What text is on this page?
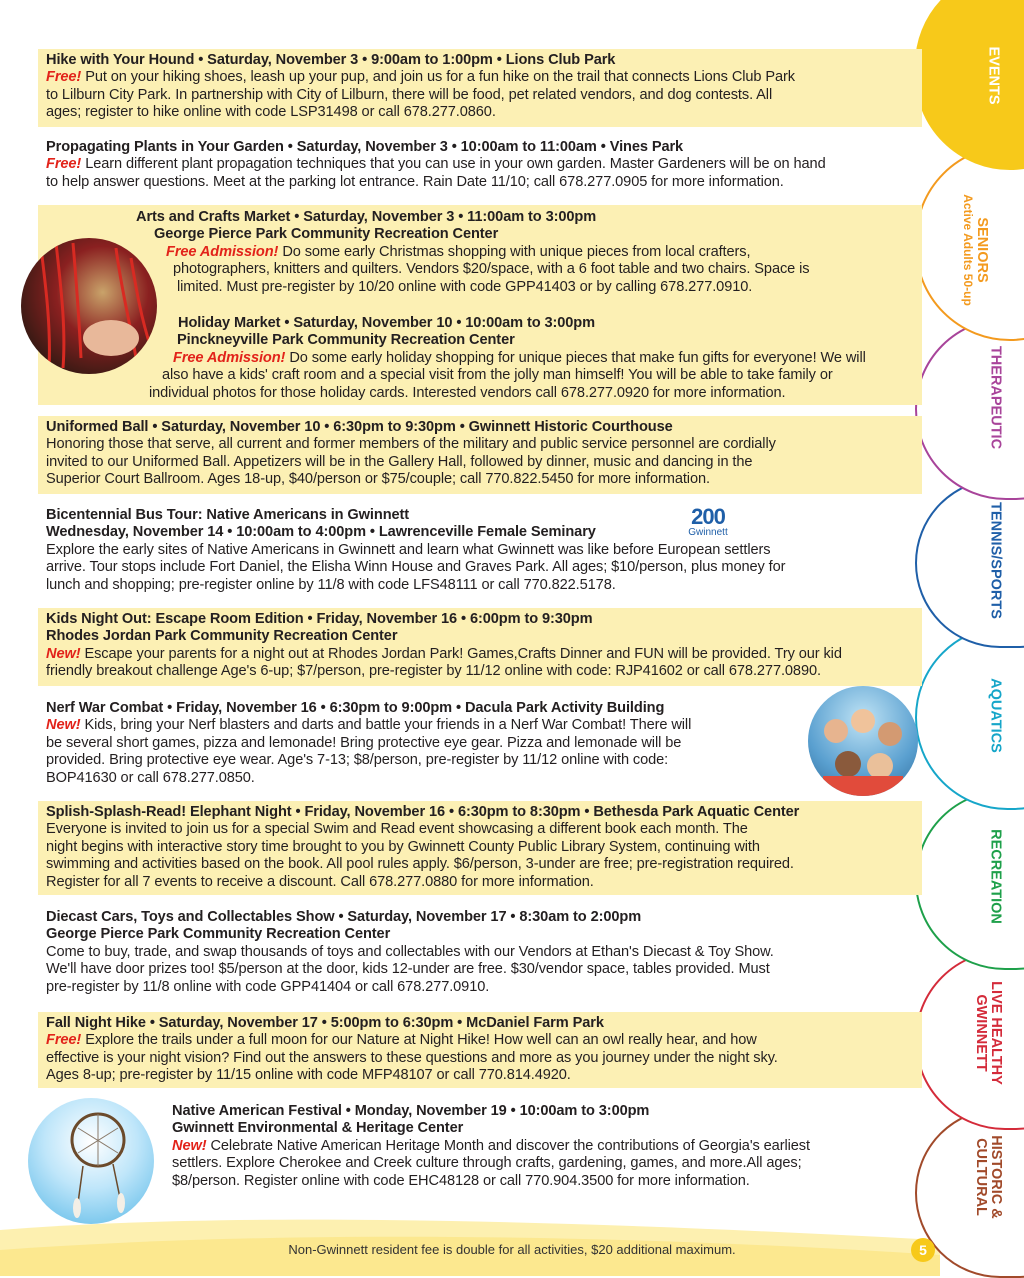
EVENTS
SENIORS
Active Adults 50-up
THERAPEUTIC
TENNIS/SPORTS
AQUATICS
RECREATION
LIVE HEALTHY
GWINNETT
HISTORIC &
CULTURAL
Hike with Your Hound • Saturday, November 3 • 9:00am to 1:00pm • Lions Club Park
Free! Put on your hiking shoes, leash up your pup, and join us for a fun hike on the trail that connects Lions Club Park
to Lilburn City Park. In partnership with City of Lilburn, there will be food, pet related vendors, and dog contests. All
ages; register to hike online with code LSP31498 or call 678.277.0860.
Propagating Plants in Your Garden • Saturday, November 3 • 10:00am to 11:00am • Vines Park
Free! Learn different plant propagation techniques that you can use in your own garden. Master Gardeners will be on hand
to help answer questions. Meet at the parking lot entrance. Rain Date 11/10; call 678.277.0905 for more information.
Arts and Crafts Market • Saturday, November 3 • 11:00am to 3:00pm
George Pierce Park Community Recreation Center
Free Admission! Do some early Christmas shopping with unique pieces from local crafters,
photographers, knitters and quilters. Vendors $20/space, with a 6 foot table and two chairs. Space is
limited. Must pre-register by 10/20 online with code GPP41403 or by calling 678.277.0910.
Holiday Market • Saturday, November 10 • 10:00am to 3:00pm
Pinckneyville Park Community Recreation Center
Free Admission! Do some early holiday shopping for unique pieces that make fun gifts for everyone! We will
also have a kids' craft room and a special visit from the jolly man himself! You will be able to take family or
individual photos for those holiday cards. Interested vendors call 678.277.0920 for more information.
Uniformed Ball • Saturday, November 10 • 6:30pm to 9:30pm • Gwinnett Historic Courthouse
Honoring those that serve, all current and former members of the military and public service personnel are cordially
invited to our Uniformed Ball. Appetizers will be in the Gallery Hall, followed by dinner, music and dancing in the
Superior Court Ballroom. Ages 18-up, $40/person or $75/couple; call 770.822.5450 for more information.
Bicentennial Bus Tour: Native Americans in Gwinnett
Wednesday, November 14 • 10:00am to 4:00pm • Lawrenceville Female Seminary
Explore the early sites of Native Americans in Gwinnett and learn what Gwinnett was like before European settlers
arrive. Tour stops include Fort Daniel, the Elisha Winn House and Graves Park. All ages; $10/person, plus money for
lunch and shopping; pre-register online by 11/8 with code LFS48111 or call 770.822.5178.
200
Gwinnett
Kids Night Out: Escape Room Edition • Friday, November 16 • 6:00pm to 9:30pm
Rhodes Jordan Park Community Recreation Center
New! Escape your parents for a night out at Rhodes Jordan Park! Games,Crafts Dinner and FUN will be provided. Try our kid
friendly breakout challenge Age's 6-up; $7/person, pre-register by 11/12 online with code: RJP41602 or call 678.277.0890.
Nerf War Combat • Friday, November 16 • 6:30pm to 9:00pm • Dacula Park Activity Building
New! Kids, bring your Nerf blasters and darts and battle your friends in a Nerf War Combat! There will
be several short games, pizza and lemonade! Bring protective eye gear. Pizza and lemonade will be
provided. Bring protective eye wear. Age's 7-13; $8/person, pre-register by 11/12 online with code:
BOP41630 or call 678.277.0850.
Splish-Splash-Read! Elephant Night • Friday, November 16 • 6:30pm to 8:30pm • Bethesda Park Aquatic Center
Everyone is invited to join us for a special Swim and Read event showcasing a different book each month. The
night begins with interactive story time brought to you by Gwinnett County Public Library System, continuing with
swimming and activities based on the book. All pool rules apply. $6/person, 3-under are free; pre-registration required.
Register for all 7 events to receive a discount. Call 678.277.0880 for more information.
Diecast Cars, Toys and Collectables Show • Saturday, November 17 • 8:30am to 2:00pm
George Pierce Park Community Recreation Center
Come to buy, trade, and swap thousands of toys and collectables with our Vendors at Ethan's Diecast & Toy Show.
We'll have door prizes too! $5/person at the door, kids 12-under are free. $30/vendor space, tables provided. Must
pre-register by 11/8 online with code GPP41404 or call 678.277.0910.
Fall Night Hike • Saturday, November 17 • 5:00pm to 6:30pm • McDaniel Farm Park
Free! Explore the trails under a full moon for our Nature at Night Hike! How well can an owl really hear, and how
effective is your night vision? Find out the answers to these questions and more as you journey under the night sky.
Ages 8-up; pre-register by 11/15 online with code MFP48107 or call 770.814.4920.
Native American Festival • Monday, November 19 • 10:00am to 3:00pm
Gwinnett Environmental & Heritage Center
New! Celebrate Native American Heritage Month and discover the contributions of Georgia's earliest
settlers. Explore Cherokee and Creek culture through crafts, gardening, games, and more.All ages;
$8/person. Register online with code EHC48128 or call 770.904.3500 for more information.
Non-Gwinnett resident fee is double for all activities, $20 additional maximum.	5
